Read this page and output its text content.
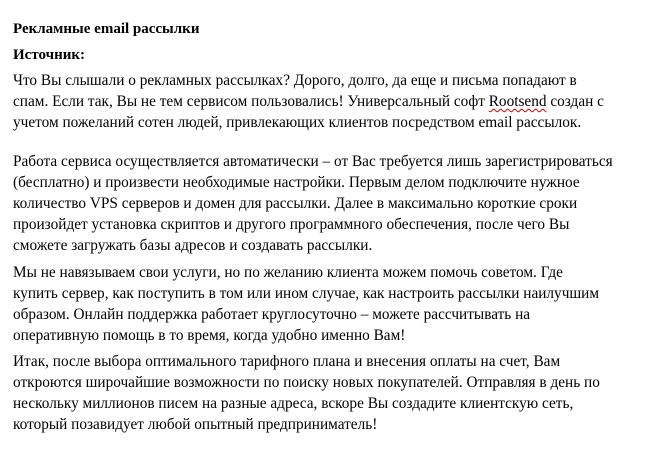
Рекламные email рассылки
Источник:
Что Вы слышали о рекламных рассылках? Дорого, долго, да еще и письма попадают в
спам. Если так, Вы не тем сервисом пользовались! Универсальный софт Rootsend создан с
учетом пожеланий сотен людей, привлекающих клиентов посредством email рассылок.
Работа сервиса осуществляется автоматически – от Вас требуется лишь зарегистрироваться
(бесплатно) и произвести необходимые настройки. Первым делом подключите нужное
количество VPS серверов и домен для рассылки. Далее в максимально короткие сроки
произойдет установка скриптов и другого программного обеспечения, после чего Вы
сможете загружать базы адресов и создавать рассылки.
Мы не навязываем свои услуги, но по желанию клиента можем помочь советом. Где
купить сервер, как поступить в том или ином случае, как настроить рассылки наилучшим
образом. Онлайн поддержка работает круглосуточно – можете рассчитывать на
оперативную помощь в то время, когда удобно именно Вам!
Итак, после выбора оптимального тарифного плана и внесения оплаты на счет, Вам
откроются широчайшие возможности по поиску новых покупателей. Отправляя в день по
нескольку миллионов писем на разные адреса, вскоре Вы создадите клиентскую сеть,
который позавидует любой опытный предприниматель!
